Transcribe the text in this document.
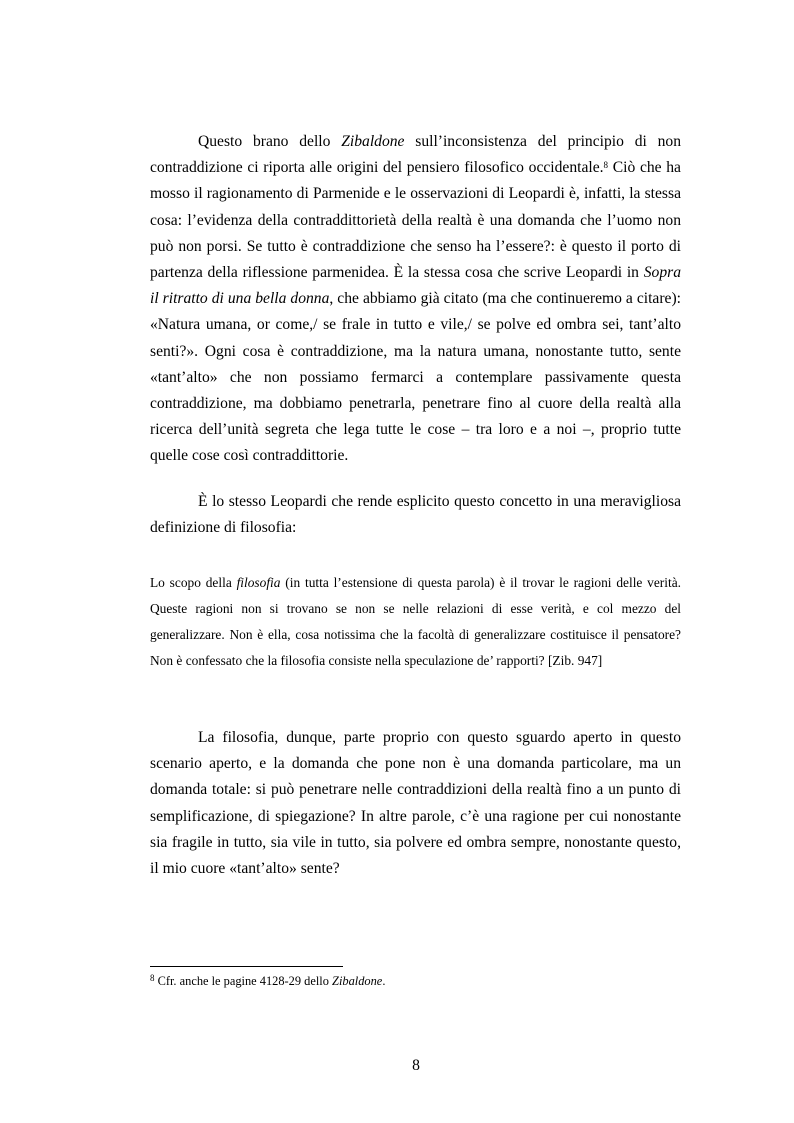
Questo brano dello Zibaldone sull’inconsistenza del principio di non contraddizione ci riporta alle origini del pensiero filosofico occidentale.$^8$ Ciò che ha mosso il ragionamento di Parmenide e le osservazioni di Leopardi è, infatti, la stessa cosa: l’evidenza della contraddittorietà della realtà è una domanda che l’uomo non può non porsi. Se tutto è contraddizione che senso ha l’essere?: è questo il porto di partenza della riflessione parmenidea. È la stessa cosa che scrive Leopardi in Sopra il ritratto di una bella donna, che abbiamo già citato (ma che continueremo a citare): «Natura umana, or come,/ se frale in tutto e vile,/ se polve ed ombra sei, tant’alto senti?». Ogni cosa è contraddizione, ma la natura umana, nonostante tutto, sente «tant’alto» che non possiamo fermarci a contemplare passivamente questa contraddizione, ma dobbiamo penetrarla, penetrare fino al cuore della realtà alla ricerca dell’unità segreta che lega tutte le cose – tra loro e a noi –, proprio tutte quelle cose così contraddittorie.

È lo stesso Leopardi che rende esplicito questo concetto in una meravigliosa definizione di filosofia:

Lo scopo della filosofia (in tutta l’estensione di questa parola) è il trovar le ragioni delle verità. Queste ragioni non si trovano se non se nelle relazioni di esse verità, e col mezzo del generalizzare. Non è ella, cosa notissima che la facoltà di generalizzare costituisce il pensatore? Non è confessato che la filosofia consiste nella speculazione de’ rapporti? [Zib. 947]

La filosofia, dunque, parte proprio con questo sguardo aperto in questo scenario aperto, e la domanda che pone non è una domanda particolare, ma un domanda totale: si può penetrare nelle contraddizioni della realtà fino a un punto di semplificazione, di spiegazione? In altre parole, c’è una ragione per cui nonostante sia fragile in tutto, sia vile in tutto, sia polvere ed ombra sempre, nonostante questo, il mio cuore «tant’alto» sente?

$^8$ Cfr. anche le pagine 4128-29 dello Zibaldone.

8
